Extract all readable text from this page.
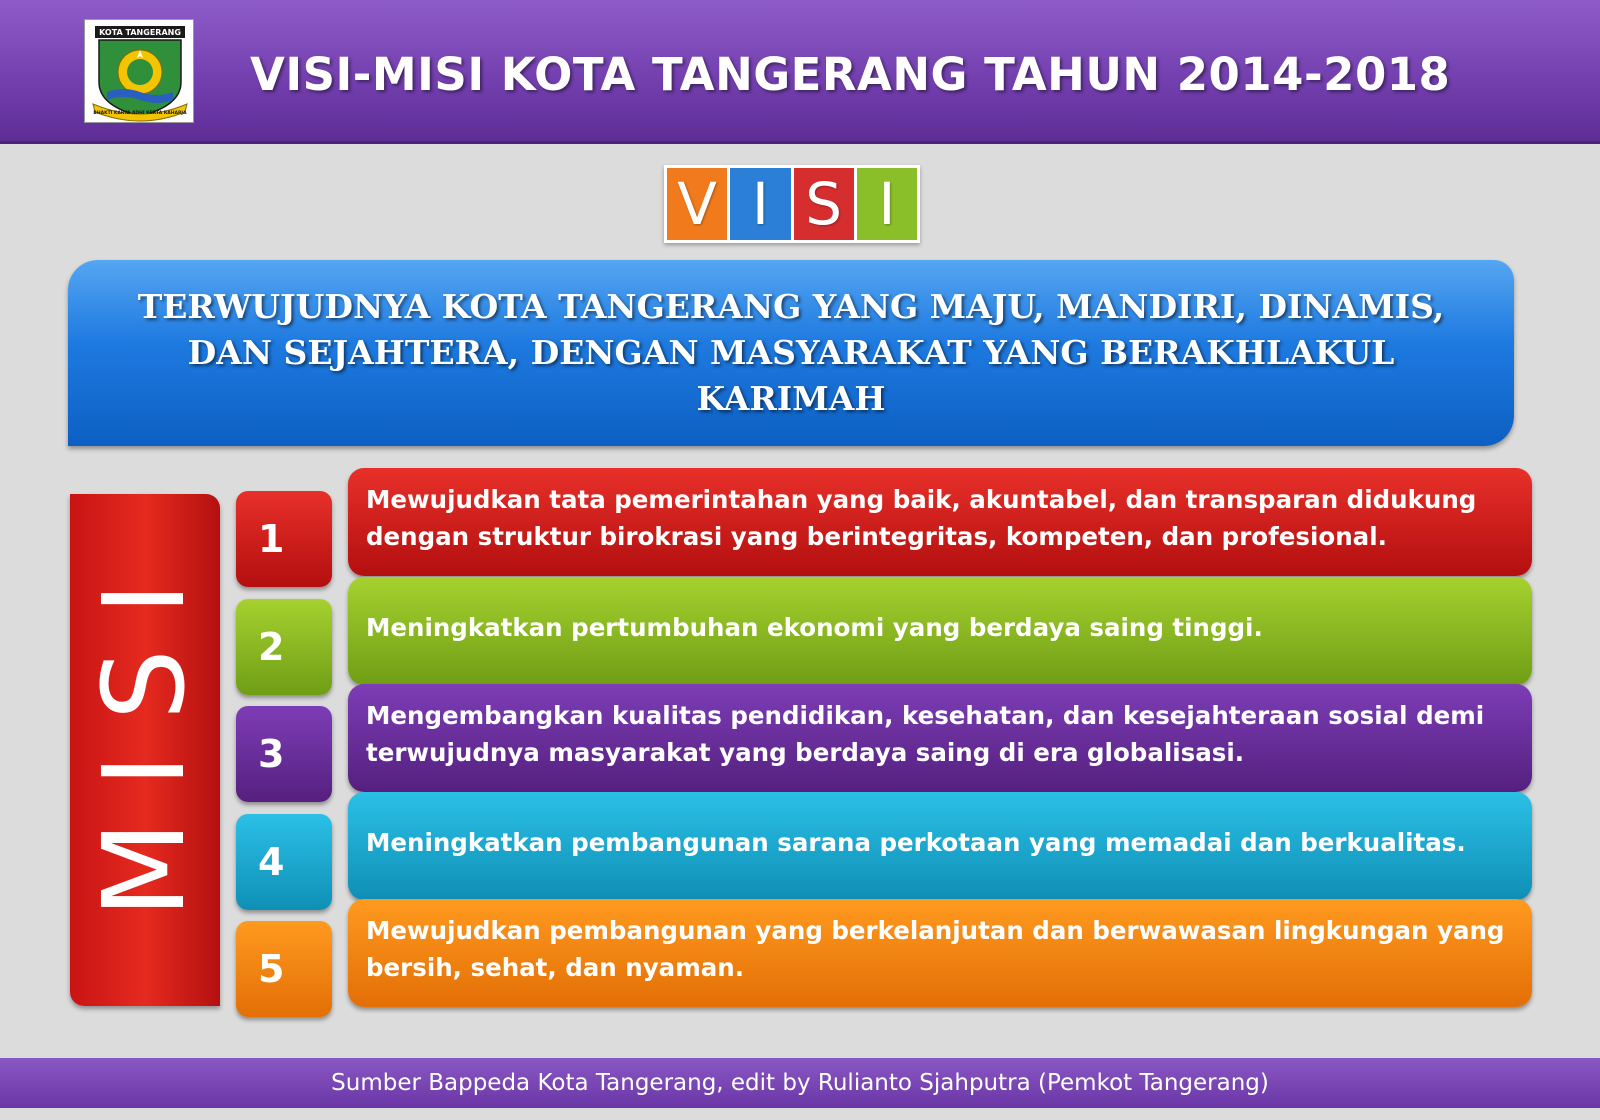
KOTA TANGERANG
BHAKTI KARYA ADHI KERTA RAHARJA
VISI-MISI KOTA TANGERANG TAHUN 2014-2018
V I S I
TERWUJUDNYA KOTA TANGERANG YANG MAJU, MANDIRI, DINAMIS, DAN SEJAHTERA, DENGAN MASYARAKAT YANG BERAKHLAKUL KARIMAH
MISI
1
Mewujudkan tata pemerintahan yang baik, akuntabel, dan transparan didukung dengan struktur birokrasi yang berintegritas, kompeten, dan profesional.
2	Meningkatkan pertumbuhan ekonomi yang berdaya saing tinggi.
3
Mengembangkan kualitas pendidikan, kesehatan, dan kesejahteraan sosial demi terwujudnya masyarakat yang berdaya saing di era globalisasi.
4	Meningkatkan pembangunan sarana perkotaan yang memadai dan berkualitas.
5
Mewujudkan pembangunan yang berkelanjutan dan berwawasan lingkungan yang bersih, sehat, dan nyaman.
Sumber Bappeda Kota Tangerang, edit by Rulianto Sjahputra (Pemkot Tangerang)
